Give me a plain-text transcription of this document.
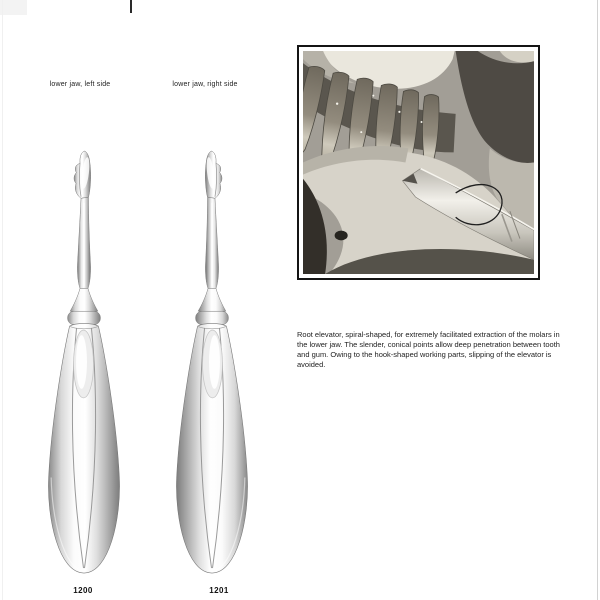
lower jaw, left side	lower jaw, right side
1200	1201

Root elevator, spiral-shaped, for extremely facilitated extraction of the molars in the lower jaw. The slender, conical points allow deep penetration between tooth and gum. Owing to the hook-shaped working parts, slipping of the elevator is avoided.
